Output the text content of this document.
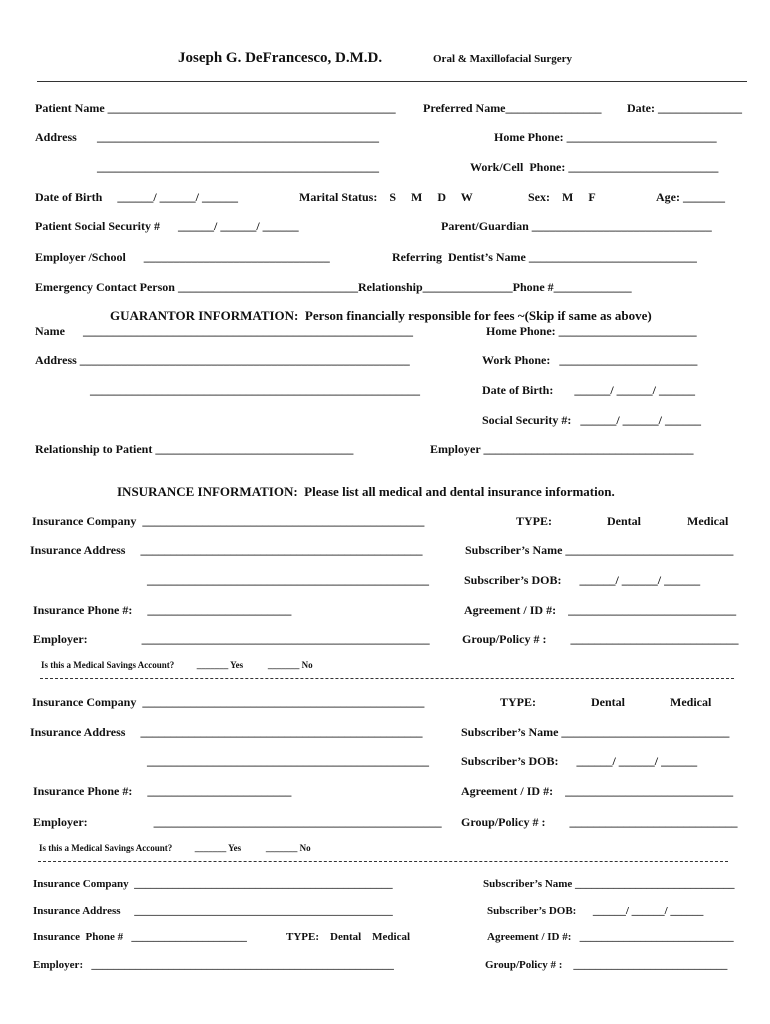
Joseph G. DeFrancesco, D.M.D.	Oral & Maxillofacial Surgery
Patient Name ________________________________________________ Preferred Name________________ Date: ______________
Address _______________________________________________	Home Phone: _________________________
_______________________________________________	Work/Cell  Phone: _________________________
Date of Birth     ______/ ______/ ______	Marital Status:    S     M     D     W	Sex:    M     F	Age: _______
Patient Social Security #      ______/ ______/ ______	Parent/Guardian ______________________________
Employer /School      _______________________________	Referring  Dentist’s Name ____________________________
Emergency Contact Person ______________________________Relationship_______________Phone #_____________
GUARANTOR INFORMATION:  Person financially responsible for fees ~(Skip if same as above)
Name      _______________________________________________________	Home Phone: _______________________
Address _______________________________________________________	Work Phone:   _______________________
_______________________________________________________	Date of Birth:       ______/ ______/ ______
Social Security #:   ______/ ______/ ______
Relationship to Patient _________________________________	Employer ___________________________________
INSURANCE INFORMATION:  Please list all medical and dental insurance information.
Insurance Company  _______________________________________________	TYPE:	Dental	Medical
Insurance Address     _______________________________________________	Subscriber’s Name ____________________________
_______________________________________________	Subscriber’s DOB:      ______/ ______/ ______
Insurance Phone #:     ________________________	Agreement / ID #:    ____________________________
Employer:                  ________________________________________________	Group/Policy # :        ____________________________
Is this a Medical Savings Account?          _______ Yes           _______ No
Insurance Company  _______________________________________________	TYPE:	Dental	Medical
Insurance Address     _______________________________________________	Subscriber’s Name ____________________________
_______________________________________________	Subscriber’s DOB:      ______/ ______/ ______
Insurance Phone #:     ________________________	Agreement / ID #:    ____________________________
Employer:                      ________________________________________________ Group/Policy # :        ____________________________
Is this a Medical Savings Account?          _______ Yes           _______ No
Insurance Company  _______________________________________________	Subscriber’s Name _____________________________
Insurance Address     _______________________________________________	Subscriber’s DOB:      ______/ ______/ ______
Insurance  Phone #   _____________________	TYPE:    Dental    Medical	Agreement / ID #:   ____________________________
Employer:   _______________________________________________________	Group/Policy # :    ____________________________
